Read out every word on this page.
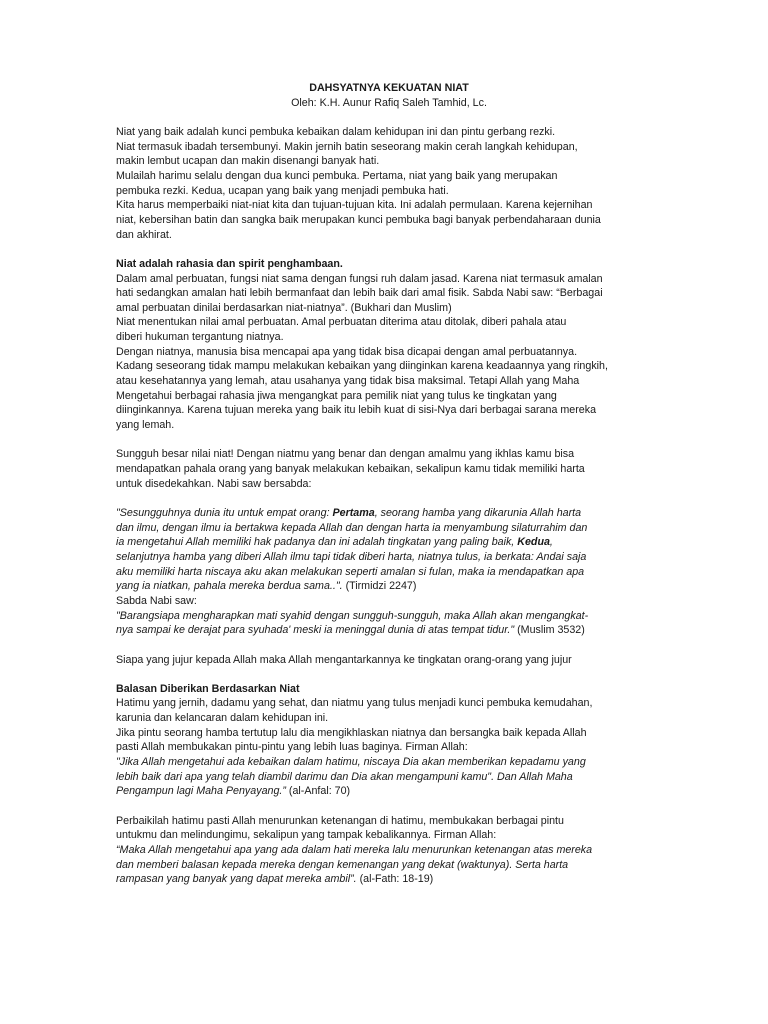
DAHSYATNYA KEKUATAN NIAT

Oleh: K.H. Aunur Rafiq Saleh Tamhid, Lc.

Niat yang baik adalah kunci pembuka kebaikan dalam kehidupan ini dan pintu gerbang rezki.

Niat termasuk ibadah tersembunyi. Makin jernih batin seseorang makin cerah langkah kehidupan,

makin lembut ucapan dan makin disenangi banyak hati.

Mulailah harimu selalu dengan dua kunci pembuka. Pertama, niat yang baik yang merupakan

pembuka rezki. Kedua, ucapan yang baik yang menjadi pembuka hati.

Kita harus memperbaiki niat-niat kita dan tujuan-tujuan kita. Ini adalah permulaan. Karena kejernihan

niat, kebersihan batin dan sangka baik merupakan kunci pembuka bagi banyak perbendaharaan dunia

dan akhirat.

Niat adalah rahasia dan spirit penghambaan.

Dalam amal perbuatan, fungsi niat sama dengan fungsi ruh dalam jasad. Karena niat termasuk amalan

hati sedangkan amalan hati lebih bermanfaat dan lebih baik dari amal fisik. Sabda Nabi saw: “Berbagai

amal perbuatan dinilai berdasarkan niat-niatnya”. (Bukhari dan Muslim)

Niat menentukan nilai amal perbuatan. Amal perbuatan diterima atau ditolak, diberi pahala atau

diberi hukuman tergantung niatnya.

Dengan niatnya, manusia bisa mencapai apa yang tidak bisa dicapai dengan amal perbuatannya.

Kadang seseorang tidak mampu melakukan kebaikan yang diinginkan karena keadaannya yang ringkih,

atau kesehatannya yang lemah, atau usahanya yang tidak bisa maksimal. Tetapi Allah yang Maha

Mengetahui berbagai rahasia jiwa mengangkat para pemilik niat yang tulus ke tingkatan yang

diinginkannya. Karena tujuan mereka yang baik itu lebih kuat di sisi-Nya dari berbagai sarana mereka

yang lemah.

Sungguh besar nilai niat! Dengan niatmu yang benar dan dengan amalmu yang ikhlas kamu bisa

mendapatkan pahala orang yang banyak melakukan kebaikan, sekalipun kamu tidak memiliki harta

untuk disedekahkan. Nabi saw bersabda:

"Sesungguhnya dunia itu untuk empat orang: Pertama, seorang hamba yang dikarunia Allah harta

dan ilmu, dengan ilmu ia bertakwa kepada Allah dan dengan harta ia menyambung silaturrahim dan

ia mengetahui Allah memiliki hak padanya dan ini adalah tingkatan yang paling baik, Kedua,

selanjutnya hamba yang diberi Allah ilmu tapi tidak diberi harta, niatnya tulus, ia berkata: Andai saja

aku memiliki harta niscaya aku akan melakukan seperti amalan si fulan, maka ia mendapatkan apa

yang ia niatkan, pahala mereka berdua sama..". (Tirmidzi 2247)

Sabda Nabi saw:

"Barangsiapa mengharapkan mati syahid dengan sungguh-sungguh, maka Allah akan mengangkat-

nya sampai ke derajat para syuhada' meski ia meninggal dunia di atas tempat tidur." (Muslim 3532)

Siapa yang jujur kepada Allah maka Allah mengantarkannya ke tingkatan orang-orang yang jujur

Balasan Diberikan Berdasarkan Niat

Hatimu yang jernih, dadamu yang sehat, dan niatmu yang tulus menjadi kunci pembuka kemudahan,

karunia dan kelancaran dalam kehidupan ini.

Jika pintu seorang hamba tertutup lalu dia mengikhlaskan niatnya dan bersangka baik kepada Allah

pasti Allah membukakan pintu-pintu yang lebih luas baginya. Firman Allah:

"Jika Allah mengetahui ada kebaikan dalam hatimu, niscaya Dia akan memberikan kepadamu yang

lebih baik dari apa yang telah diambil darimu dan Dia akan mengampuni kamu". Dan Allah Maha

Pengampun lagi Maha Penyayang.” (al-Anfal: 70)

Perbaikilah hatimu pasti Allah menurunkan ketenangan di hatimu, membukakan berbagai pintu

untukmu dan melindungimu, sekalipun yang tampak kebalikannya. Firman Allah:

“Maka Allah mengetahui apa yang ada dalam hati mereka lalu menurunkan ketenangan atas mereka

dan memberi balasan kepada mereka dengan kemenangan yang dekat (waktunya). Serta harta

rampasan yang banyak yang dapat mereka ambil”. (al-Fath: 18-19)
